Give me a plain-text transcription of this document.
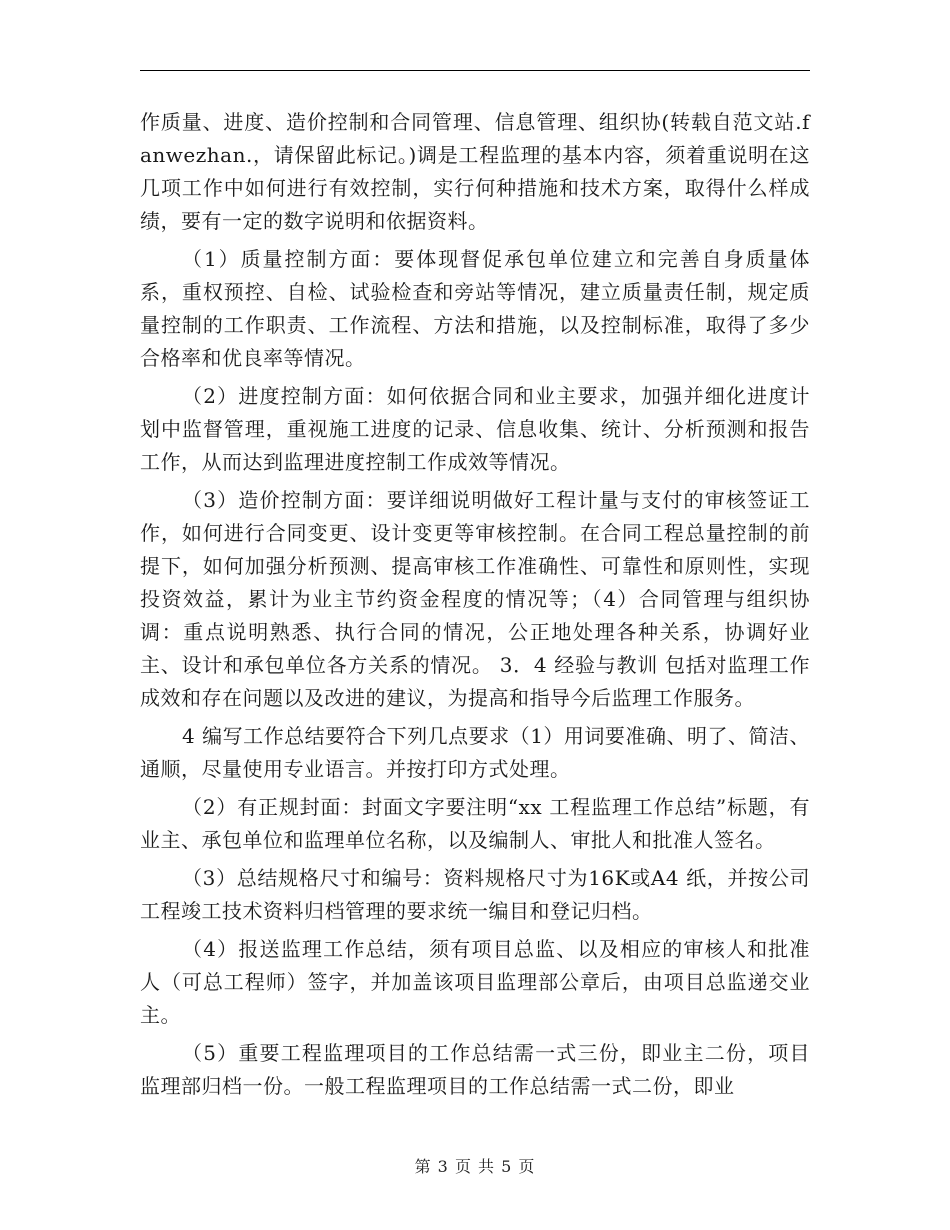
作质量、进度、造价控制和合同管理、信息管理、组织协(转载自范文站.fanwezhan.，请保留此标记。)调是工程监理的基本内容，须着重说明在这几项工作中如何进行有效控制，实行何种措施和技术方案，取得什么样成绩，要有一定的数字说明和依据资料。

（1）质量控制方面：要体现督促承包单位建立和完善自身质量体系，重权预控、自检、试验检查和旁站等情况，建立质量责任制，规定质量控制的工作职责、工作流程、方法和措施，以及控制标准，取得了多少合格率和优良率等情况。

（2）进度控制方面：如何依据合同和业主要求，加强并细化进度计划中监督管理，重视施工进度的记录、信息收集、统计、分析预测和报告工作，从而达到监理进度控制工作成效等情况。

（3）造价控制方面：要详细说明做好工程计量与支付的审核签证工作，如何进行合同变更、设计变更等审核控制。在合同工程总量控制的前提下，如何加强分析预测、提高审核工作准确性、可靠性和原则性，实现投资效益，累计为业主节约资金程度的情况等；（4）合同管理与组织协调：重点说明熟悉、执行合同的情况，公正地处理各种关系，协调好业主、设计和承包单位各方关系的情况。 3．4 经验与教训 包括对监理工作成效和存在问题以及改进的建议，为提高和指导今后监理工作服务。

4 编写工作总结要符合下列几点要求（1）用词要准确、明了、简洁、通顺，尽量使用专业语言。并按打印方式处理。

（2）有正规封面：封面文字要注明“xx 工程监理工作总结”标题，有业主、承包单位和监理单位名称，以及编制人、审批人和批准人签名。

（3）总结规格尺寸和编号：资料规格尺寸为16K或A4 纸，并按公司工程竣工技术资料归档管理的要求统一编目和登记归档。

（4）报送监理工作总结，须有项目总监、以及相应的审核人和批准人（可总工程师）签字，并加盖该项目监理部公章后，由项目总监递交业主。

（5）重要工程监理项目的工作总结需一式三份，即业主二份，项目监理部归档一份。一般工程监理项目的工作总结需一式二份，即业

第 3 页 共 5 页
